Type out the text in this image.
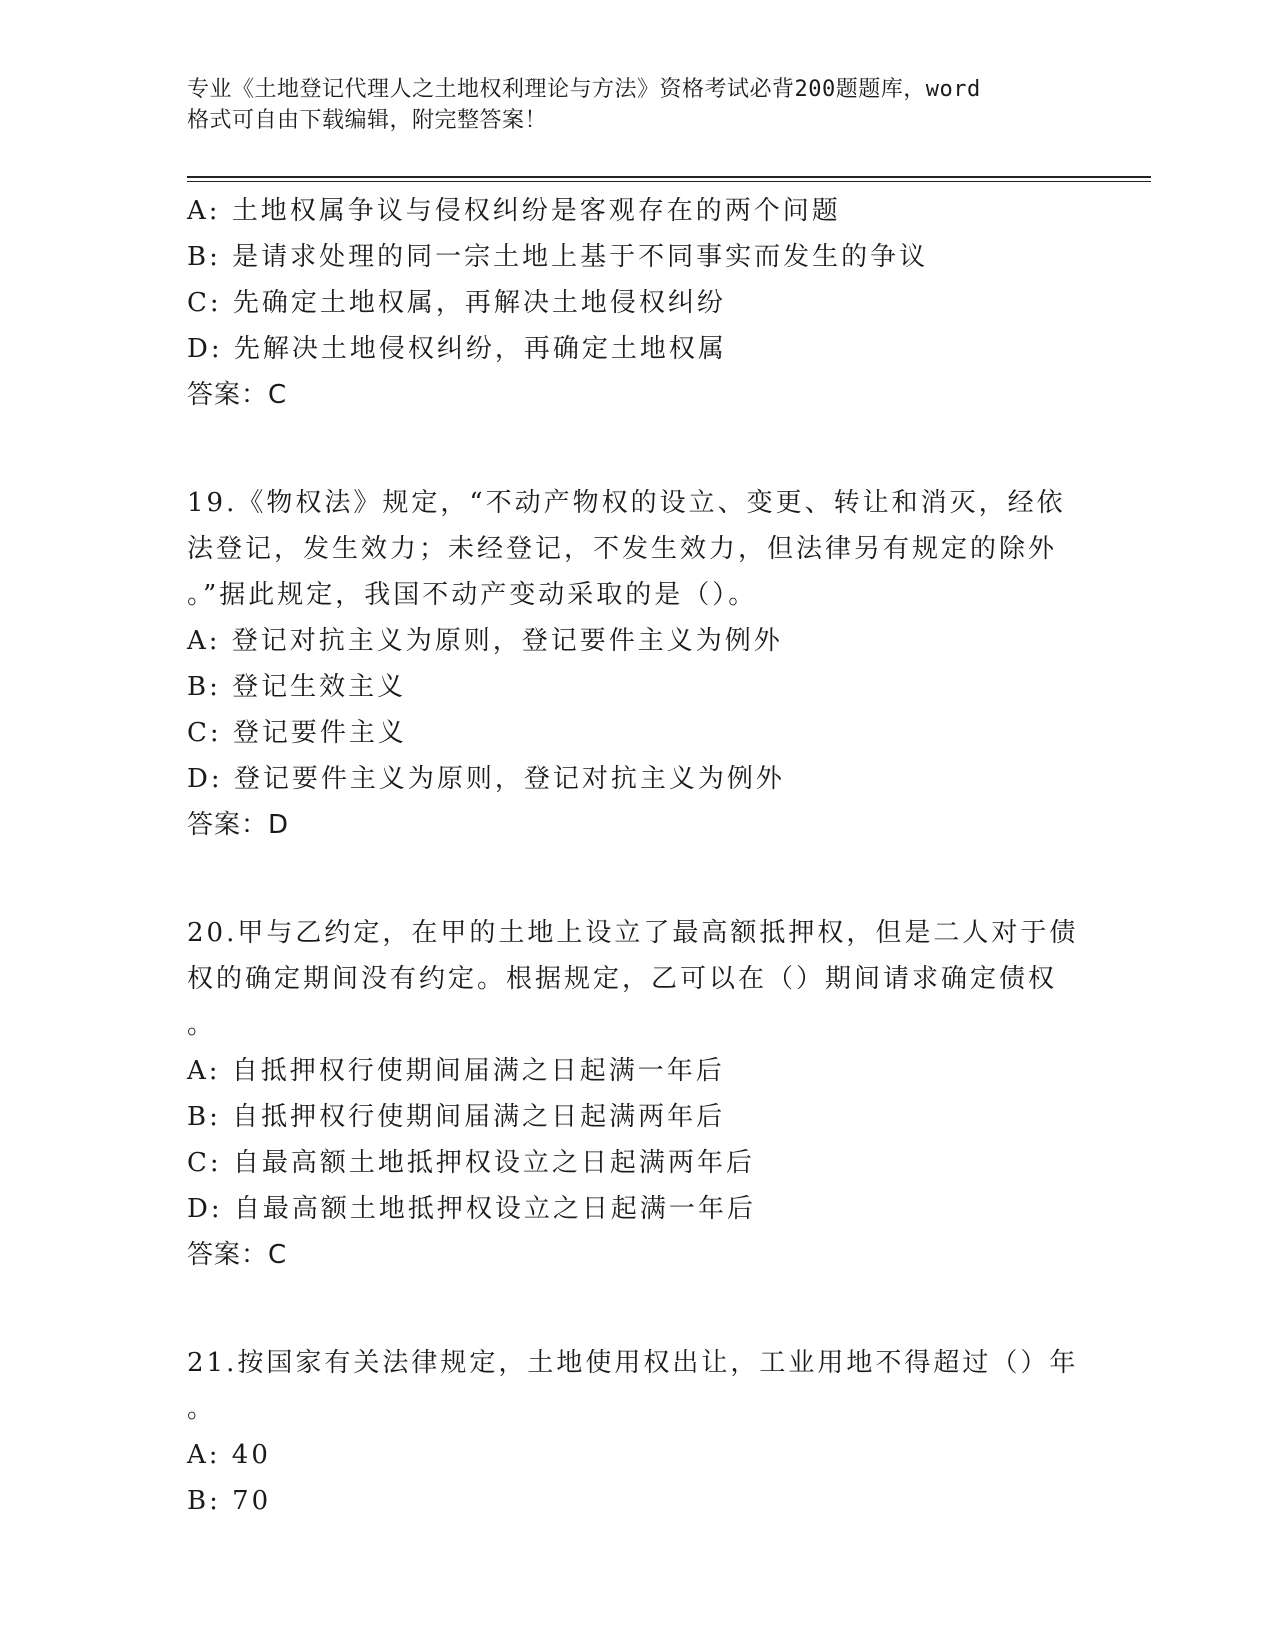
专业《土地登记代理人之土地权利理论与方法》资格考试必背200题题库，word
格式可自由下载编辑，附完整答案！
A: 土地权属争议与侵权纠纷是客观存在的两个问题
B: 是请求处理的同一宗土地上基于不同事实而发生的争议
C: 先确定土地权属，再解决土地侵权纠纷
D: 先解决土地侵权纠纷，再确定土地权属
答案：C
19.《物权法》规定，“不动产物权的设立、变更、转让和消灭，经依
法登记，发生效力；未经登记，不发生效力，但法律另有规定的除外
。”据此规定，我国不动产变动采取的是（）。
A: 登记对抗主义为原则，登记要件主义为例外
B: 登记生效主义
C: 登记要件主义
D: 登记要件主义为原则，登记对抗主义为例外
答案：D
20.甲与乙约定，在甲的土地上设立了最高额抵押权，但是二人对于债
权的确定期间没有约定。根据规定，乙可以在（）期间请求确定债权
。
A: 自抵押权行使期间届满之日起满一年后
B: 自抵押权行使期间届满之日起满两年后
C: 自最高额土地抵押权设立之日起满两年后
D: 自最高额土地抵押权设立之日起满一年后
答案：C
21.按国家有关法律规定，土地使用权出让，工业用地不得超过（）年
。
A: 40
B: 70
